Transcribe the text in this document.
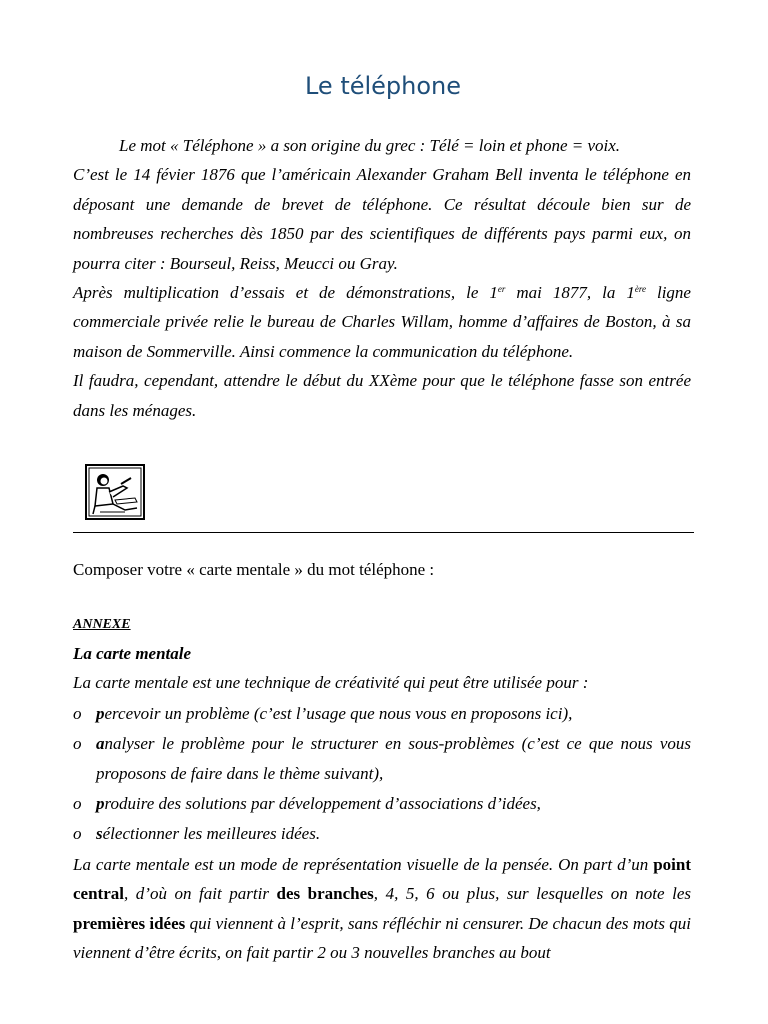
Le téléphone

Le mot « Téléphone » a son origine du grec : Télé = loin et phone = voix.

C’est le 14 févier 1876 que l’américain Alexander Graham Bell inventa le téléphone en déposant une demande de brevet de téléphone. Ce résultat découle bien sur de nombreuses recherches dès 1850 par des scientifiques de différents pays parmi eux, on pourra citer : Bourseul, Reiss, Meucci ou Gray.

Après multiplication d’essais et de démonstrations, le 1er mai 1877, la 1ère ligne commerciale privée relie le bureau de Charles Willam, homme d’affaires de Boston, à sa maison de Sommerville. Ainsi commence la communication du téléphone.

Il faudra, cependant, attendre le début du XXème pour que le téléphone fasse son entrée dans les ménages.

Composer votre « carte mentale » du mot téléphone :

ANNEXE

La carte mentale

La carte mentale est une technique de créativité qui peut être utilisée pour :

o percevoir un problème (c’est l’usage que nous vous en proposons ici),
o analyser le problème pour le structurer en sous-problèmes (c’est ce que nous vous proposons de faire dans le thème suivant),
o produire des solutions par développement d’associations d’idées,
o sélectionner les meilleures idées.

La carte mentale est un mode de représentation visuelle de la pensée. On part d’un point central, d’où on fait partir des branches, 4, 5, 6 ou plus, sur lesquelles on note les premières idées qui viennent à l’esprit, sans réfléchir ni censurer. De chacun des mots qui viennent d’être écrits, on fait partir 2 ou 3 nouvelles branches au bout
